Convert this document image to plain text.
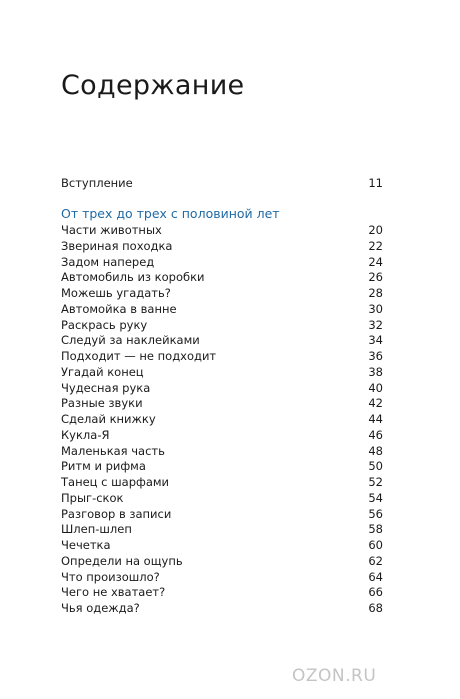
Содержание
Вступление	11
От трех до трех с половиной лет
Части животных	20
Звериная походка	22
Задом наперед	24
Автомобиль из коробки	26
Можешь угадать?	28
Автомойка в ванне	30
Раскрась руку	32
Следуй за наклейками	34
Подходит — не подходит	36
Угадай конец	38
Чудесная рука	40
Разные звуки	42
Сделай книжку	44
Кукла-Я	46
Маленькая часть	48
Ритм и рифма	50
Танец с шарфами	52
Прыг-скок	54
Разговор в записи	56
Шлеп-шлеп	58
Чечетка	60
Определи на ощупь	62
Что произошло?	64
Чего не хватает?	66
Чья одежда?	68
OZON.RU
